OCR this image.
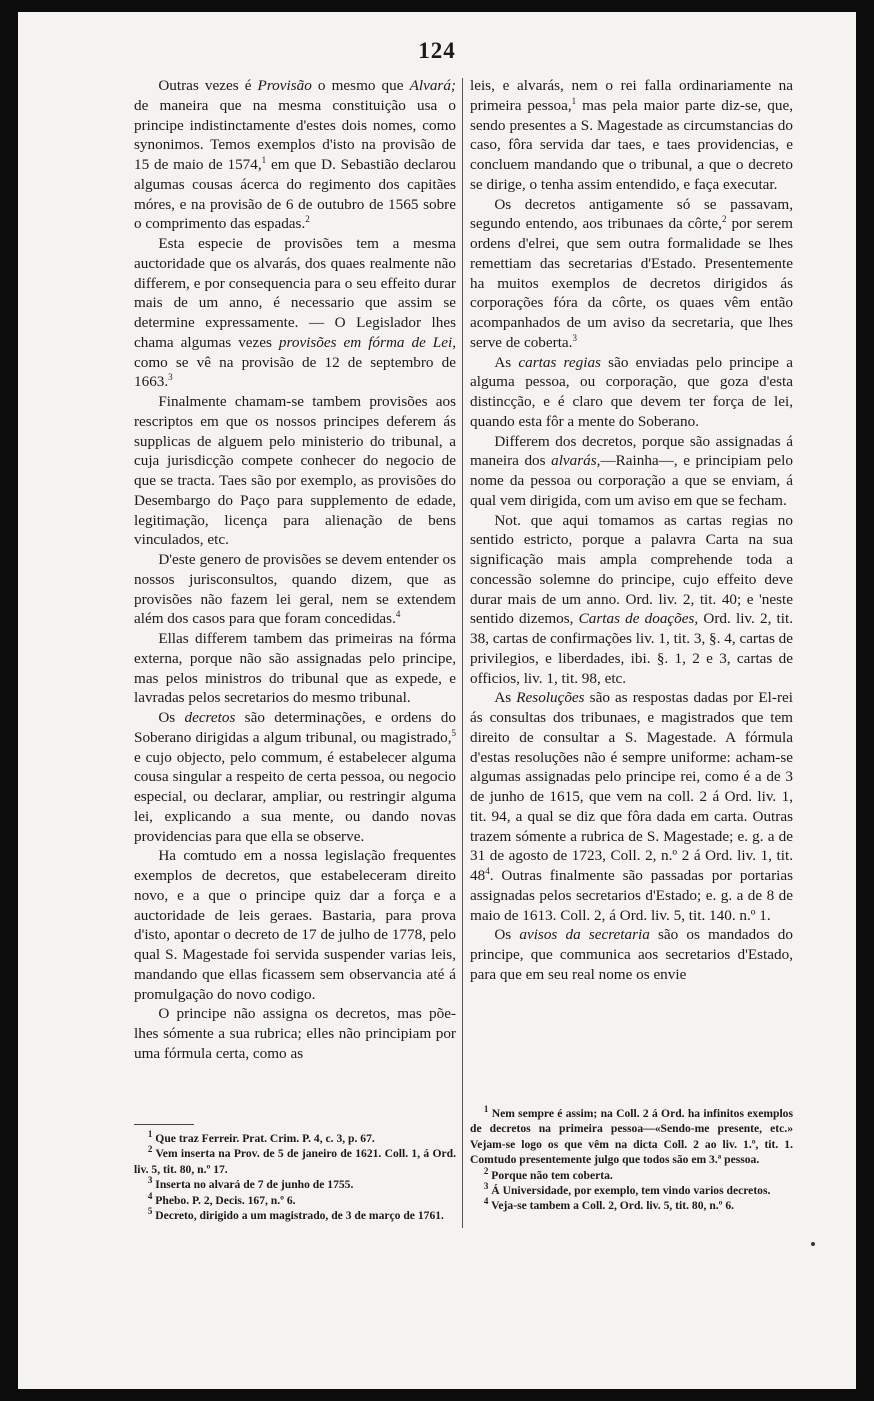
124

Outras vezes é Provisão o mesmo que Alvará; de maneira que na mesma constituição usa o principe indistinctamente d'estes dois nomes, como synonimos. Temos exemplos d'isto na provisão de 15 de maio de 1574,$^1$ em que D. Sebastião declarou algumas cousas ácerca do regimento dos capitães móres, e na provisão de 6 de outubro de 1565 sobre o comprimento das espadas.$^2$

Esta especie de provisões tem a mesma auctoridade que os alvarás, dos quaes realmente não differem, e por consequencia para o seu effeito durar mais de um anno, é necessario que assim se determine expressamente. — O Legislador lhes chama algumas vezes provisões em fórma de Lei, como se vê na provisão de 12 de septembro de 1663.$^3$

Finalmente chamam-se tambem provisões aos rescriptos em que os nossos principes deferem ás supplicas de alguem pelo ministerio do tribunal, a cuja jurisdicção compete conhecer do negocio de que se tracta. Taes são por exemplo, as provisões do Desembargo do Paço para supplemento de edade, legitimação, licença para alienação de bens vinculados, etc.

D'este genero de provisões se devem entender os nossos jurisconsultos, quando dizem, que as provisões não fazem lei geral, nem se extendem além dos casos para que foram concedidas.$^4$

Ellas differem tambem das primeiras na fórma externa, porque não são assignadas pelo principe, mas pelos ministros do tribunal que as expede, e lavradas pelos secretarios do mesmo tribunal.

Os decretos são determinações, e ordens do Soberano dirigidas a algum tribunal, ou magistrado,$^5$ e cujo objecto, pelo commum, é estabelecer alguma cousa singular a respeito de certa pessoa, ou negocio especial, ou declarar, ampliar, ou restringir alguma lei, explicando a sua mente, ou dando novas providencias para que ella se observe.

Ha comtudo em a nossa legislação frequentes exemplos de decretos, que estabeleceram direito novo, e a que o principe quiz dar a força e a auctoridade de leis geraes. Bastaria, para prova d'isto, apontar o decreto de 17 de julho de 1778, pelo qual S. Magestade foi servida suspender varias leis, mandando que ellas ficassem sem observancia até á promulgação do novo codigo.

O principe não assigna os decretos, mas põe-lhes sómente a sua rubrica; elles não principiam por uma fórmula certa, como as

leis, e alvarás, nem o rei falla ordinariamente na primeira pessoa,$^1$ mas pela maior parte diz-se, que, sendo presentes a S. Magestade as circumstancias do caso, fôra servida dar taes, e taes providencias, e concluem mandando que o tribunal, a que o decreto se dirige, o tenha assim entendido, e faça executar.

Os decretos antigamente só se passavam, segundo entendo, aos tribunaes da côrte,$^2$ por serem ordens d'elrei, que sem outra formalidade se lhes remettiam das secretarias d'Estado. Presentemente ha muitos exemplos de decretos dirigidos ás corporações fóra da côrte, os quaes vêm então acompanhados de um aviso da secretaria, que lhes serve de coberta.$^3$

As cartas regias são enviadas pelo principe a alguma pessoa, ou corporação, que goza d'esta distincção, e é claro que devem ter força de lei, quando esta fôr a mente do Soberano.

Differem dos decretos, porque são assignadas á maneira dos alvarás,—Rainha—, e principiam pelo nome da pessoa ou corporação a que se enviam, á qual vem dirigida, com um aviso em que se fecham.

Not. que aqui tomamos as cartas regias no sentido estricto, porque a palavra Carta na sua significação mais ampla comprehende toda a concessão solemne do principe, cujo effeito deve durar mais de um anno. Ord. liv. 2, tit. 40; e 'neste sentido dizemos, Cartas de doações, Ord. liv. 2, tit. 38, cartas de confirmações liv. 1, tit. 3, §. 4, cartas de privilegios, e liberdades, ibi. §. 1, 2 e 3, cartas de officios, liv. 1, tit. 98, etc.

As Resoluções são as respostas dadas por El-rei ás consultas dos tribunaes, e magistrados que tem direito de consultar a S. Magestade. A fórmula d'estas resoluções não é sempre uniforme: acham-se algumas assignadas pelo principe rei, como é a de 3 de junho de 1615, que vem na coll. 2 á Ord. liv. 1, tit. 94, a qual se diz que fôra dada em carta. Outras trazem sómente a rubrica de S. Magestade; e. g. a de 31 de agosto de 1723, Coll. 2, n.º 2 á Ord. liv. 1, tit. $48^4$. Outras finalmente são passadas por portarias assignadas pelos secretarios d'Estado; e. g. a de 8 de maio de 1613. Coll. 2, á Ord. liv. 5, tit. 140. n.º 1.

Os avisos da secretaria são os mandados do principe, que communica aos secretarios d'Estado, para que em seu real nome os envie

$^1$ Que traz Ferreir. Prat. Crim. P. 4, c. 3, p. 67.

$^2$ Vem inserta na Prov. de 5 de janeiro de 1621. Coll. 1, á Ord. liv. 5, tit. 80, n.º 17.

$^3$ Inserta no alvará de 7 de junho de 1755.

$^4$ Phebo. P. 2, Decis. 167, n.º 6.

$^5$ Decreto, dirigido a um magistrado, de 3 de março de 1761.

$^1$ Nem sempre é assim; na Coll. 2 á Ord. ha infinitos exemplos de decretos na primeira pessoa—«Sendo-me presente, etc.» Vejam-se logo os que vêm na dicta Coll. 2 ao liv. 1.º, tit. 1. Comtudo presentemente julgo que todos são em 3.ª pessoa.

$^2$ Porque não tem coberta.

$^3$ Á Universidade, por exemplo, tem vindo varios decretos.

$^4$ Veja-se tambem a Coll. 2, Ord. liv. 5, tit. 80, n.º 6.
